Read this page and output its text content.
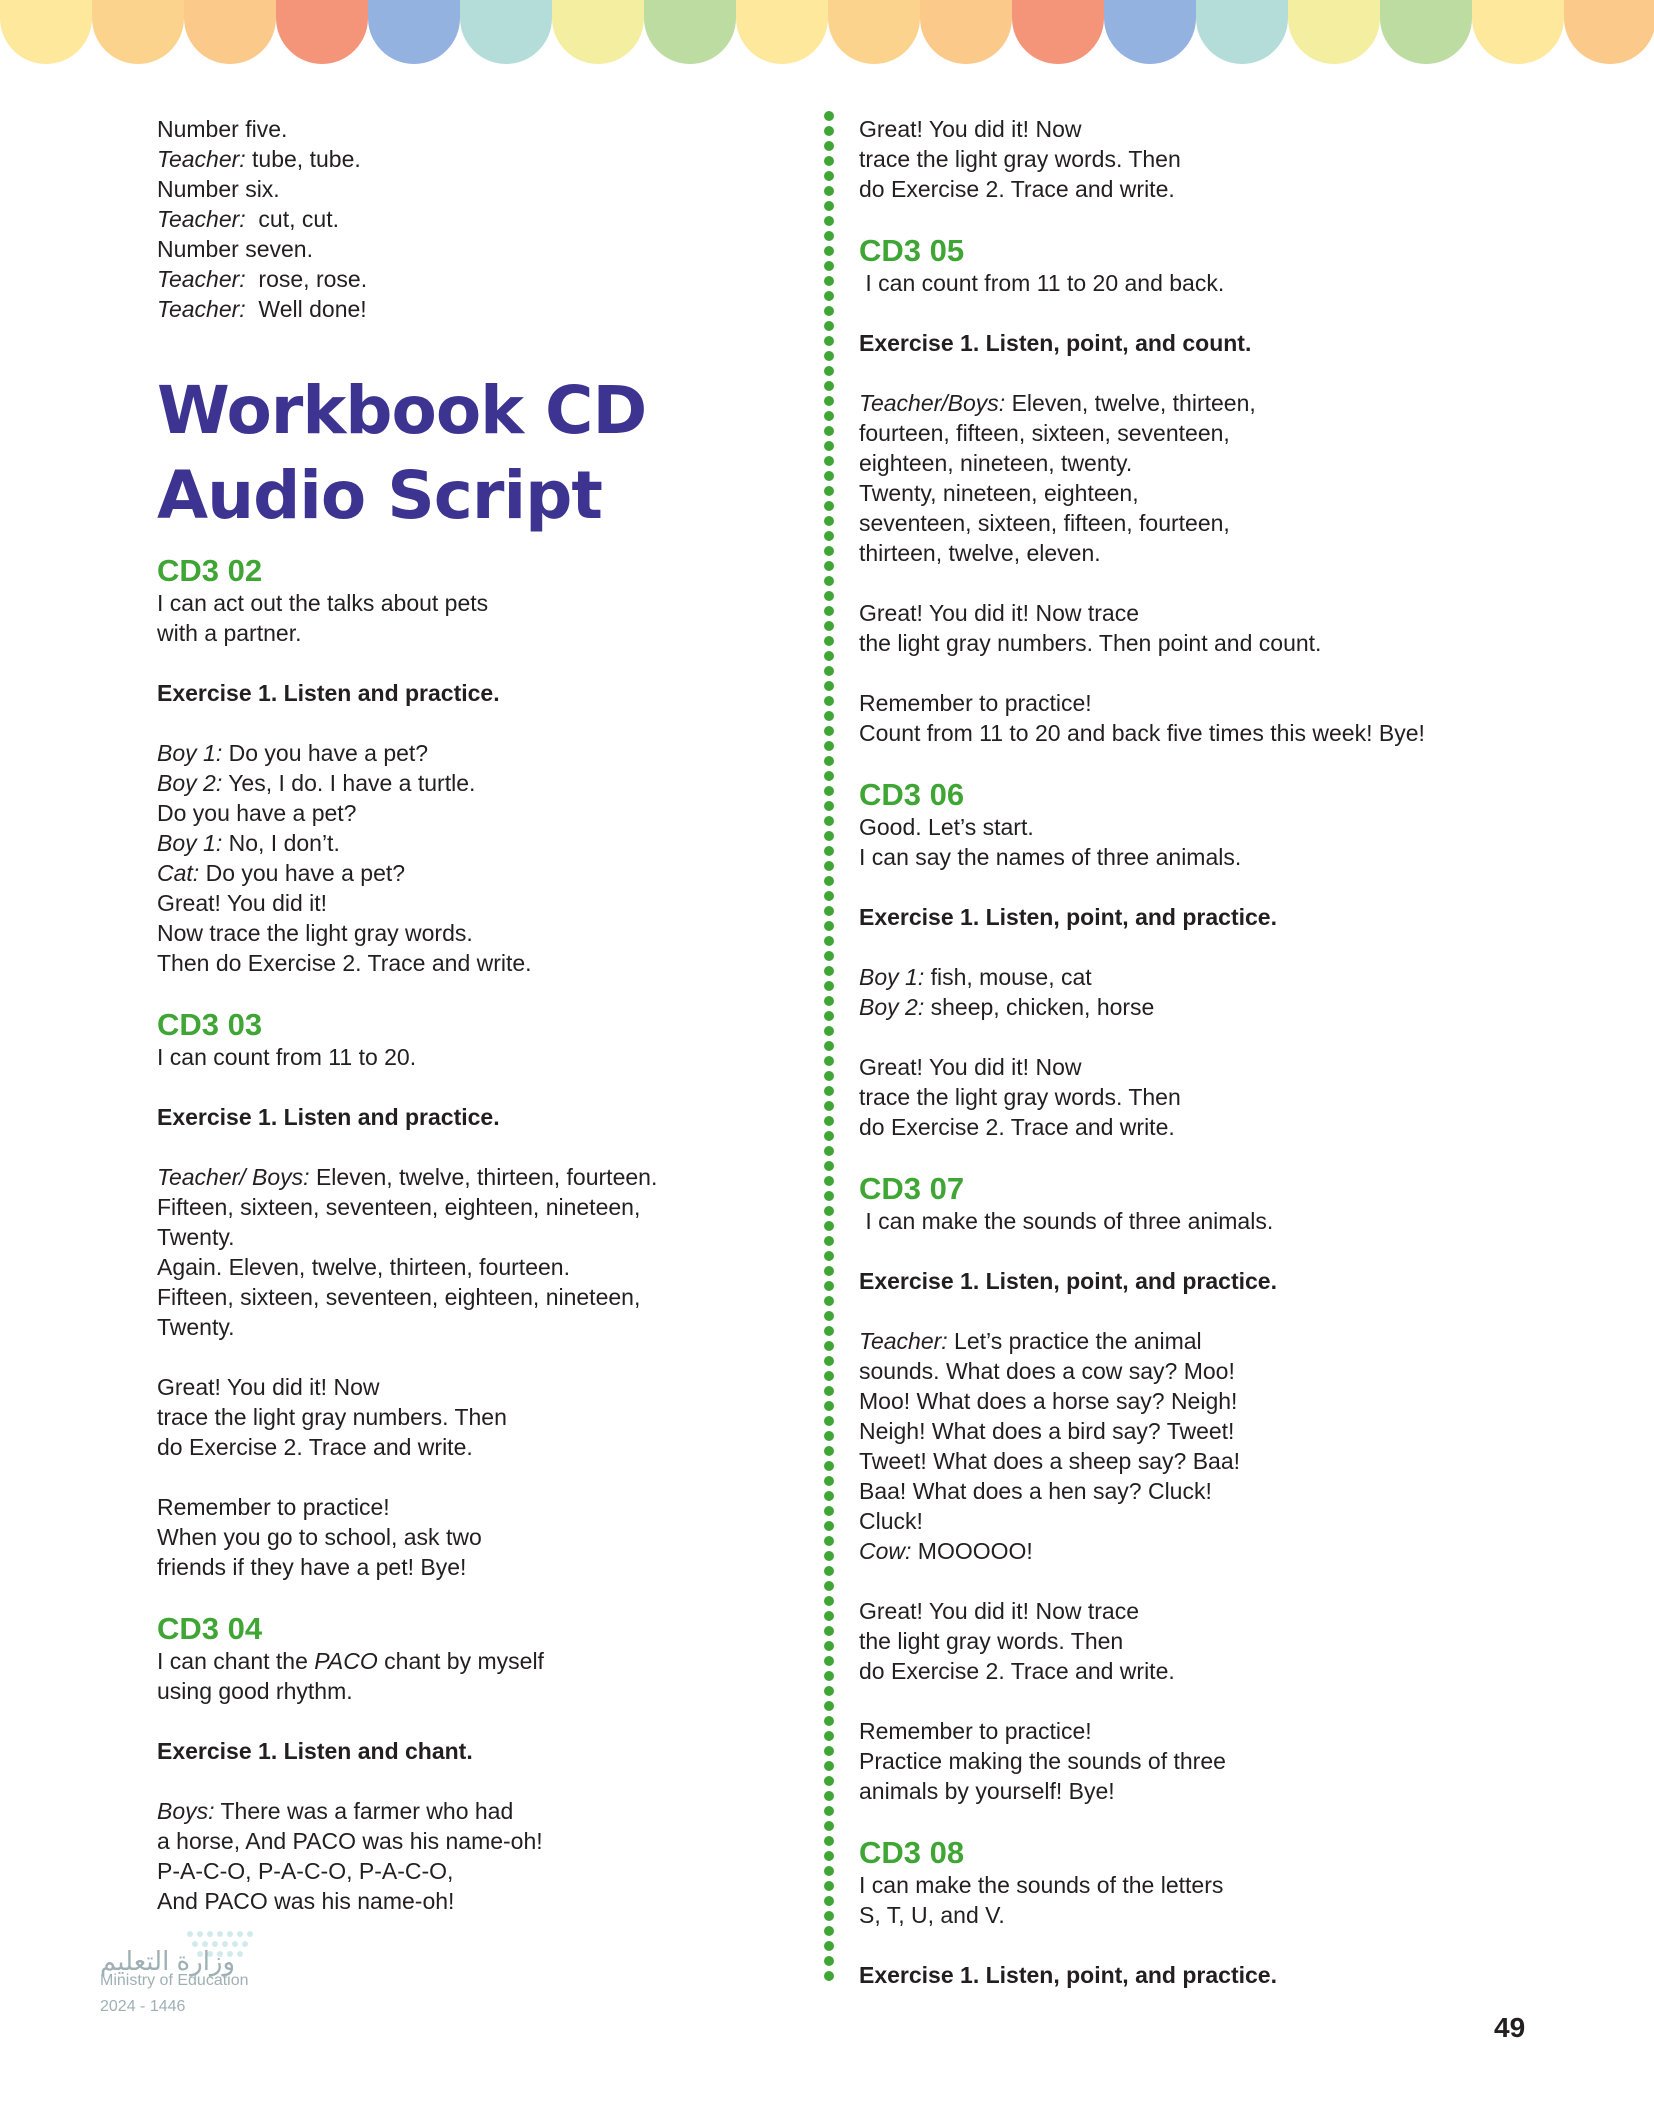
Number five.
Teacher: tube, tube.
Number six.
Teacher:  cut, cut.
Number seven.
Teacher:  rose, rose.
Teacher:  Well done!
Workbook CD
Audio Script
CD3 02
I can act out the talks about pets
with a partner.
Exercise 1. Listen and practice.
Boy 1: Do you have a pet?
Boy 2: Yes, I do. I have a turtle.
Do you have a pet?
Boy 1: No, I don’t.
Cat: Do you have a pet?
Great! You did it!
Now trace the light gray words.
Then do Exercise 2. Trace and write.
CD3 03
I can count from 11 to 20.
Exercise 1. Listen and practice.
Teacher/ Boys: Eleven, twelve, thirteen, fourteen.
Fifteen, sixteen, seventeen, eighteen, nineteen,
Twenty.
Again. Eleven, twelve, thirteen, fourteen.
Fifteen, sixteen, seventeen, eighteen, nineteen,
Twenty.
Great! You did it! Now
trace the light gray numbers. Then
do Exercise 2. Trace and write.
Remember to practice!
When you go to school, ask two
friends if they have a pet! Bye!
CD3 04
I can chant the PACO chant by myself
using good rhythm.
Exercise 1. Listen and chant.
Boys: There was a farmer who had
a horse, And PACO was his name-oh!
P-A-C-O, P-A-C-O, P-A-C-O,
And PACO was his name-oh!
Great! You did it! Now
trace the light gray words. Then
do Exercise 2. Trace and write.
CD3 05
I can count from 11 to 20 and back.
Exercise 1. Listen, point, and count.
Teacher/Boys: Eleven, twelve, thirteen,
fourteen, fifteen, sixteen, seventeen,
eighteen, nineteen, twenty.
Twenty, nineteen, eighteen,
seventeen, sixteen, fifteen, fourteen,
thirteen, twelve, eleven.
Great! You did it! Now trace
the light gray numbers. Then point and count.
Remember to practice!
Count from 11 to 20 and back five times this week! Bye!
CD3 06
Good. Let’s start.
I can say the names of three animals.
Exercise 1. Listen, point, and practice.
Boy 1: fish, mouse, cat
Boy 2: sheep, chicken, horse
Great! You did it! Now
trace the light gray words. Then
do Exercise 2. Trace and write.
CD3 07
I can make the sounds of three animals.
Exercise 1. Listen, point, and practice.
Teacher: Let’s practice the animal
sounds. What does a cow say? Moo!
Moo! What does a horse say? Neigh!
Neigh! What does a bird say? Tweet!
Tweet! What does a sheep say? Baa!
Baa! What does a hen say? Cluck!
Cluck!
Cow: MOOOOO!
Great! You did it! Now trace
the light gray words. Then
do Exercise 2. Trace and write.
Remember to practice!
Practice making the sounds of three
animals by yourself! Bye!
CD3 08
I can make the sounds of the letters
S, T, U, and V.
Exercise 1. Listen, point, and practice.
وزارة التعليم
Ministry of Education
2024 - 1446
49
